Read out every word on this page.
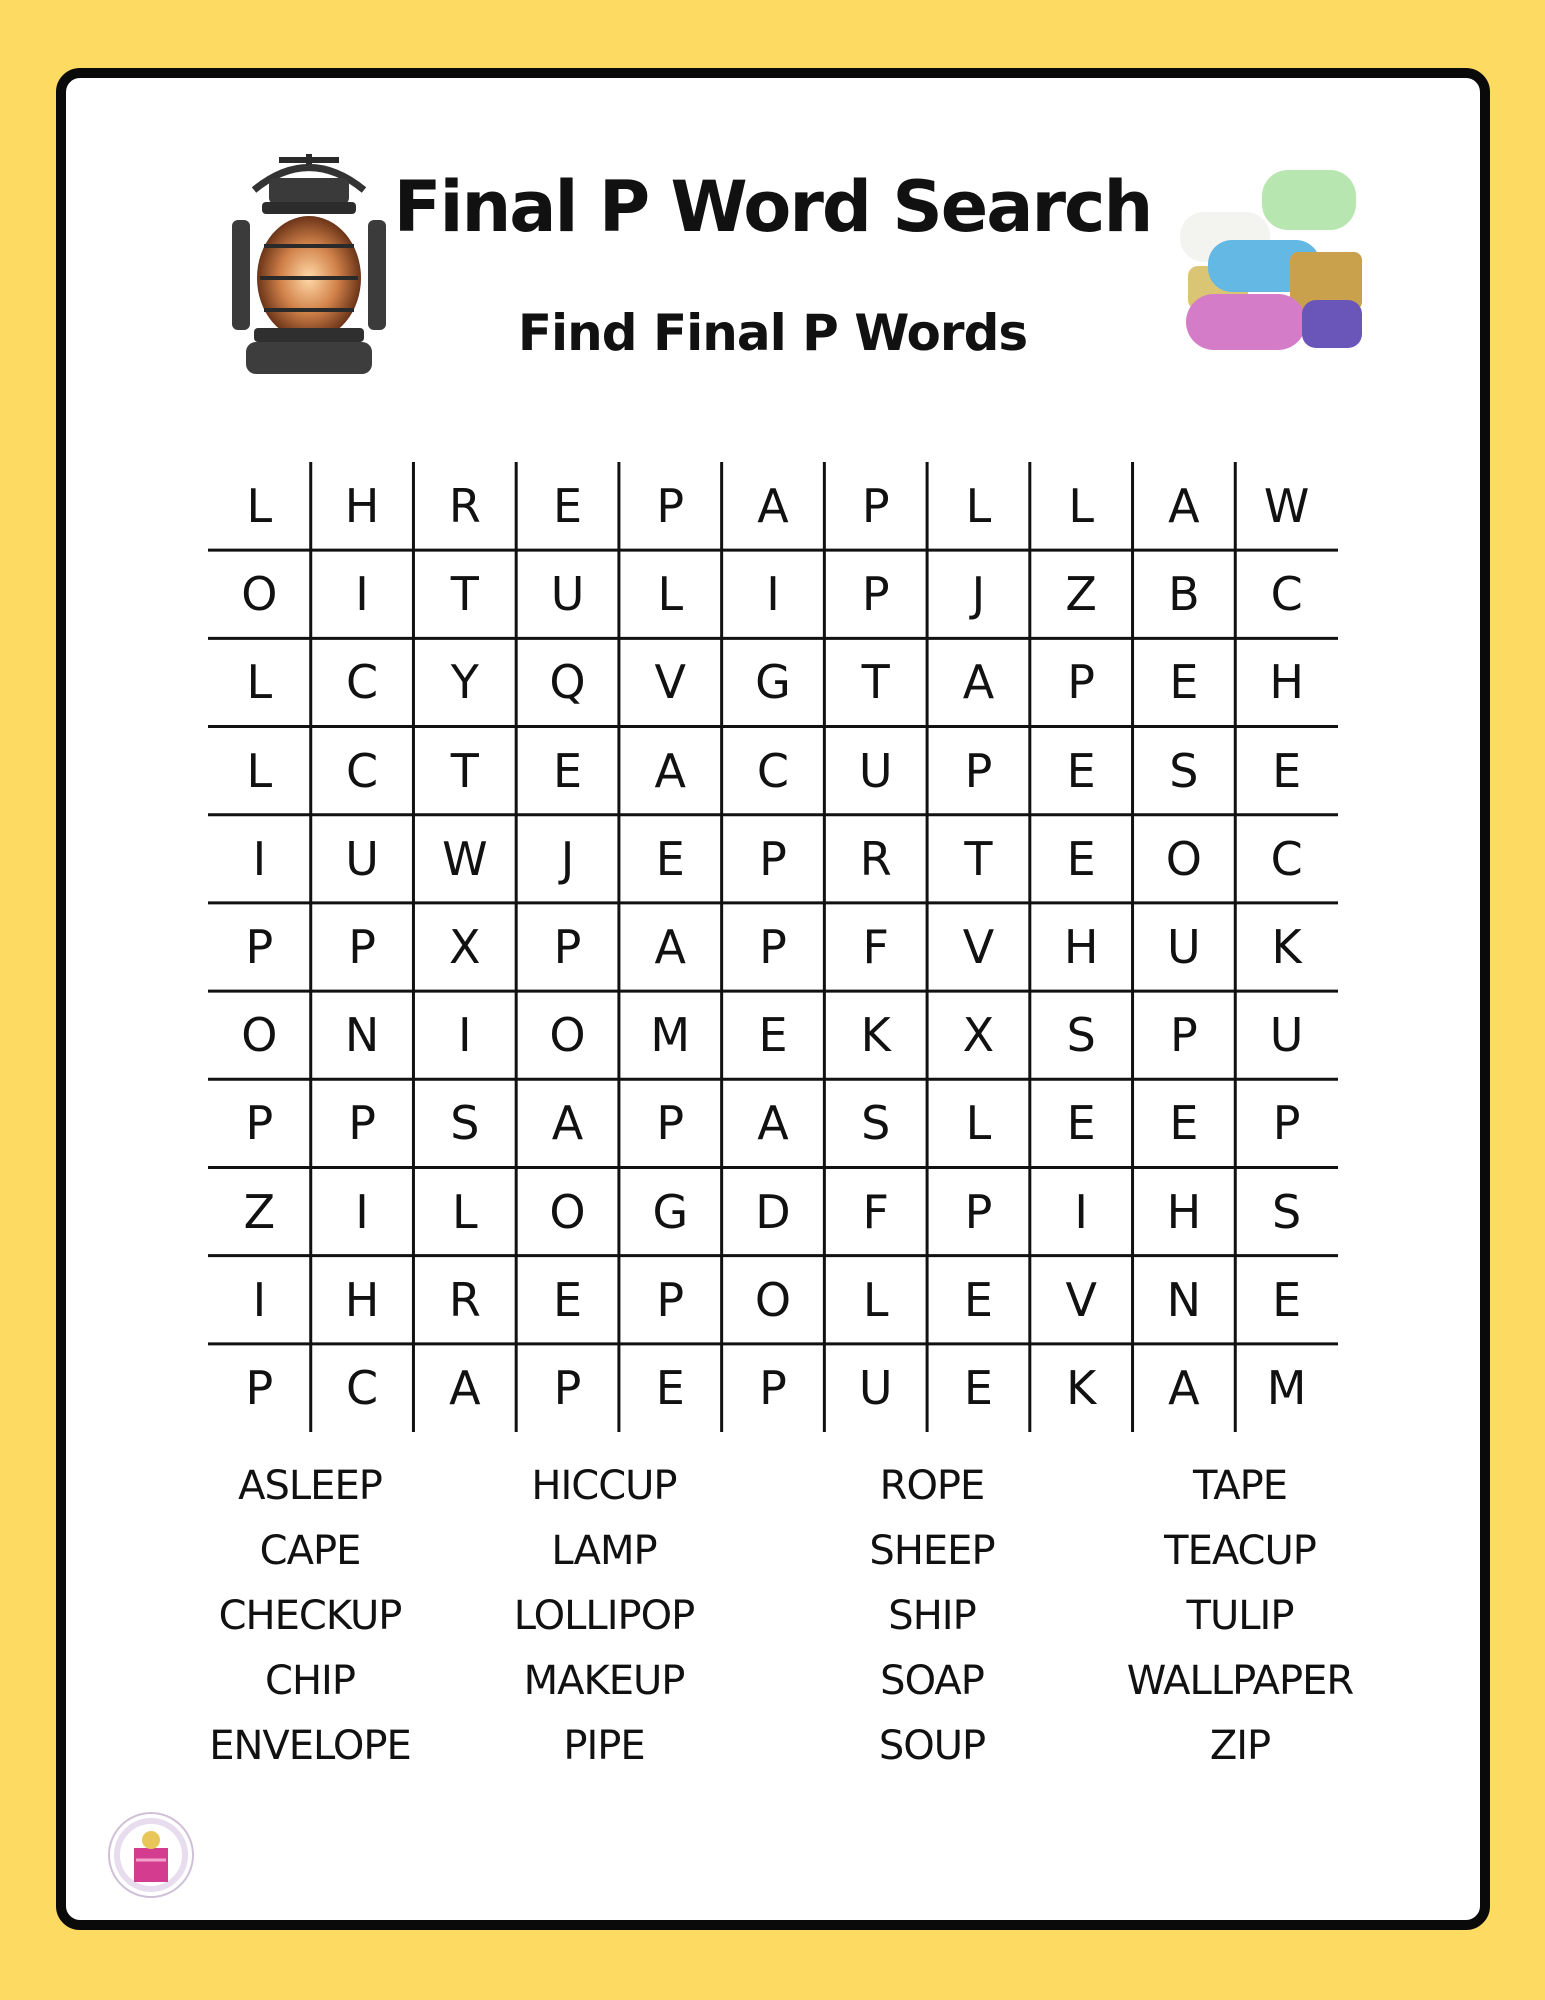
Final P Word Search
Find Final P Words
L	H	R	E	P	A	P	L	L	A	W
O	I	T	U	L	I	P	J	Z	B	C
L	C	Y	Q	V	G	T	A	P	E	H
L	C	T	E	A	C	U	P	E	S	E
I	U	W	J	E	P	R	T	E	O	C
P	P	X	P	A	P	F	V	H	U	K
O	N	I	O	M	E	K	X	S	P	U
P	P	S	A	P	A	S	L	E	E	P
Z	I	L	O	G	D	F	P	I	H	S
I	H	R	E	P	O	L	E	V	N	E
P	C	A	P	E	P	U	E	K	A	M
ASLEEP
CAPE
CHECKUP
CHIP
ENVELOPE
HICCUP
LAMP
LOLLIPOP
MAKEUP
PIPE
ROPE
SHEEP
SHIP
SOAP
SOUP
TAPE
TEACUP
TULIP
WALLPAPER
ZIP
